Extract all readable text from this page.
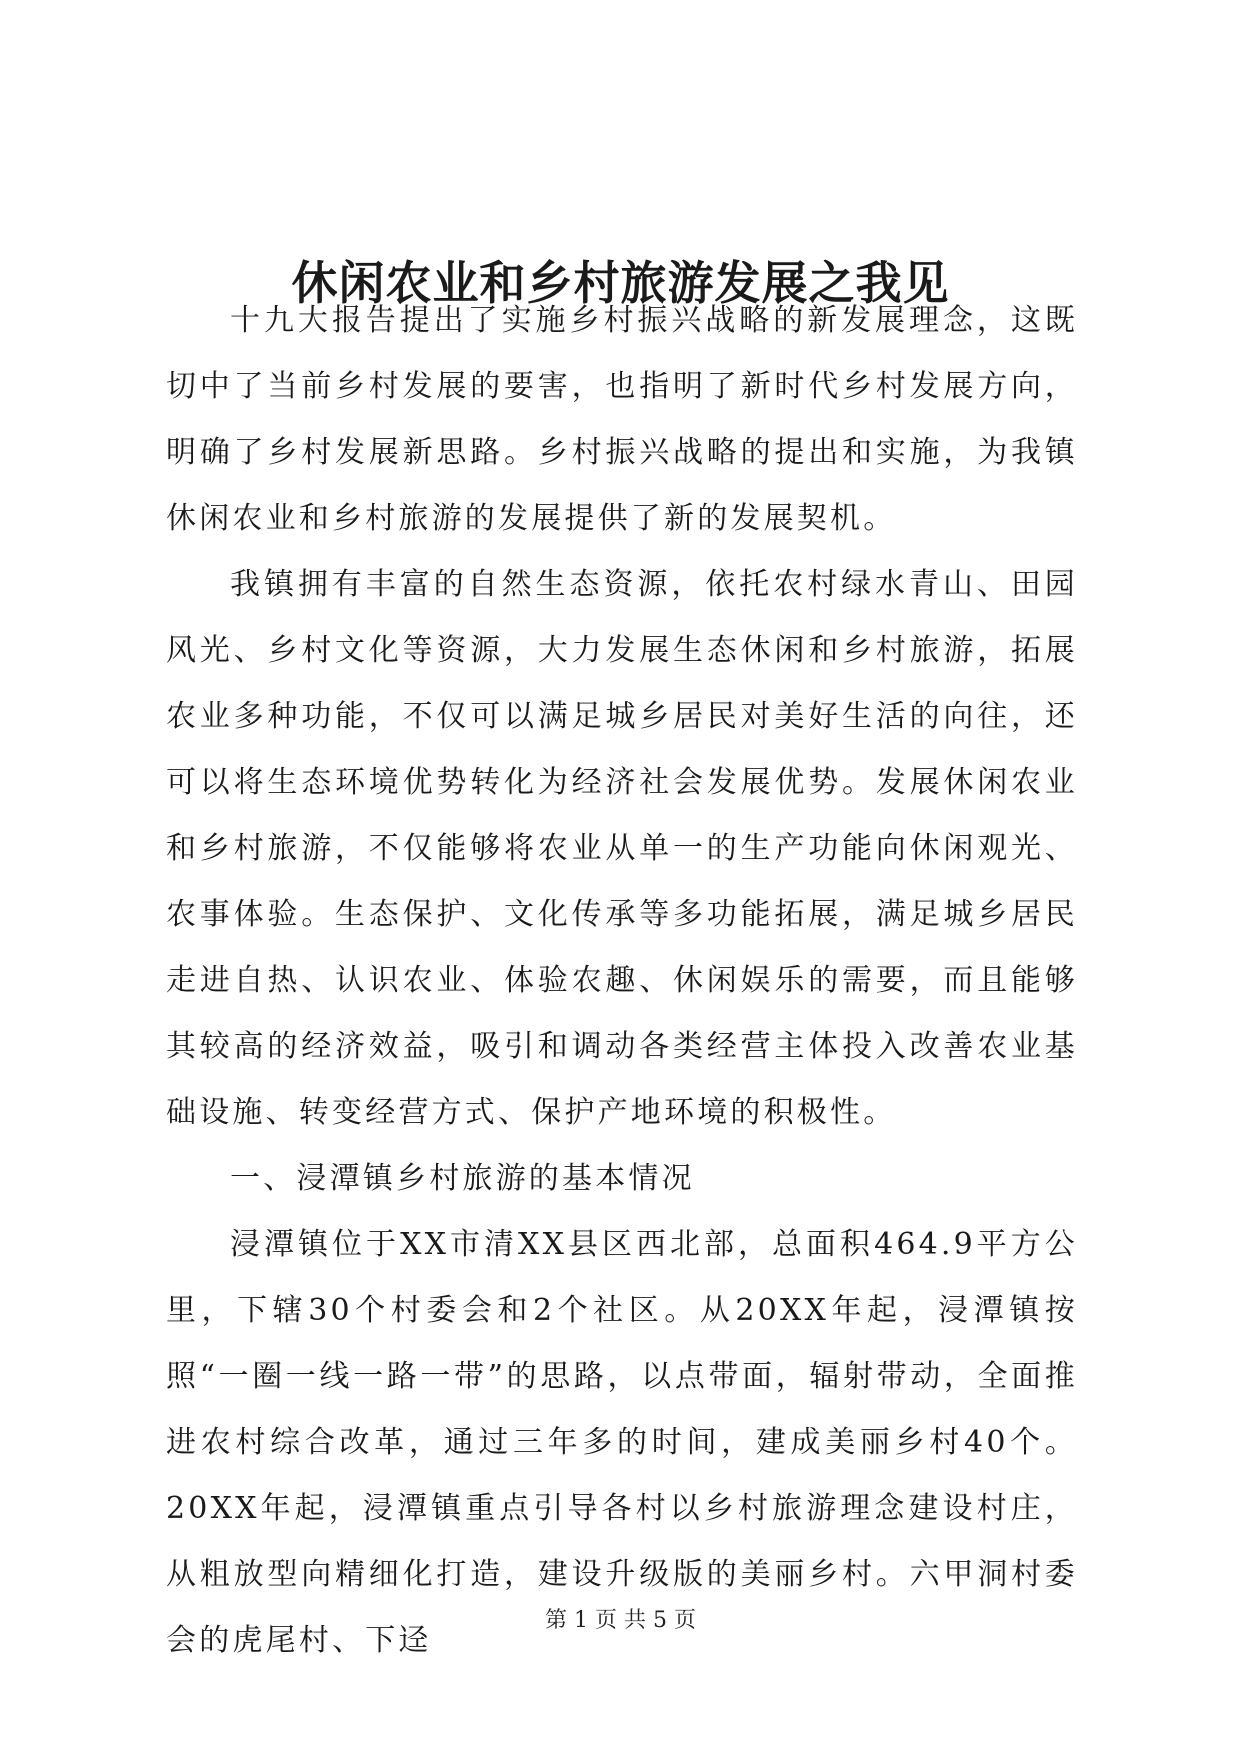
休闲农业和乡村旅游发展之我见

十九大报告提出了实施乡村振兴战略的新发展理念，这既切中了当前乡村发展的要害，也指明了新时代乡村发展方向，明确了乡村发展新思路。乡村振兴战略的提出和实施，为我镇休闲农业和乡村旅游的发展提供了新的发展契机。

我镇拥有丰富的自然生态资源，依托农村绿水青山、田园风光、乡村文化等资源，大力发展生态休闲和乡村旅游，拓展农业多种功能，不仅可以满足城乡居民对美好生活的向往，还可以将生态环境优势转化为经济社会发展优势。发展休闲农业和乡村旅游，不仅能够将农业从单一的生产功能向休闲观光、农事体验。生态保护、文化传承等多功能拓展，满足城乡居民走进自热、认识农业、体验农趣、休闲娱乐的需要，而且能够其较高的经济效益，吸引和调动各类经营主体投入改善农业基础设施、转变经营方式、保护产地环境的积极性。

一、浸潭镇乡村旅游的基本情况

浸潭镇位于XX市清XX县区西北部，总面积464.9平方公里，下辖30个村委会和2个社区。从20XX年起，浸潭镇按照“一圈一线一路一带”的思路，以点带面，辐射带动，全面推进农村综合改革，通过三年多的时间，建成美丽乡村40个。20XX年起，浸潭镇重点引导各村以乡村旅游理念建设村庄，从粗放型向精细化打造，建设升级版的美丽乡村。六甲洞村委会的虎尾村、下迳

第 1 页 共 5 页
